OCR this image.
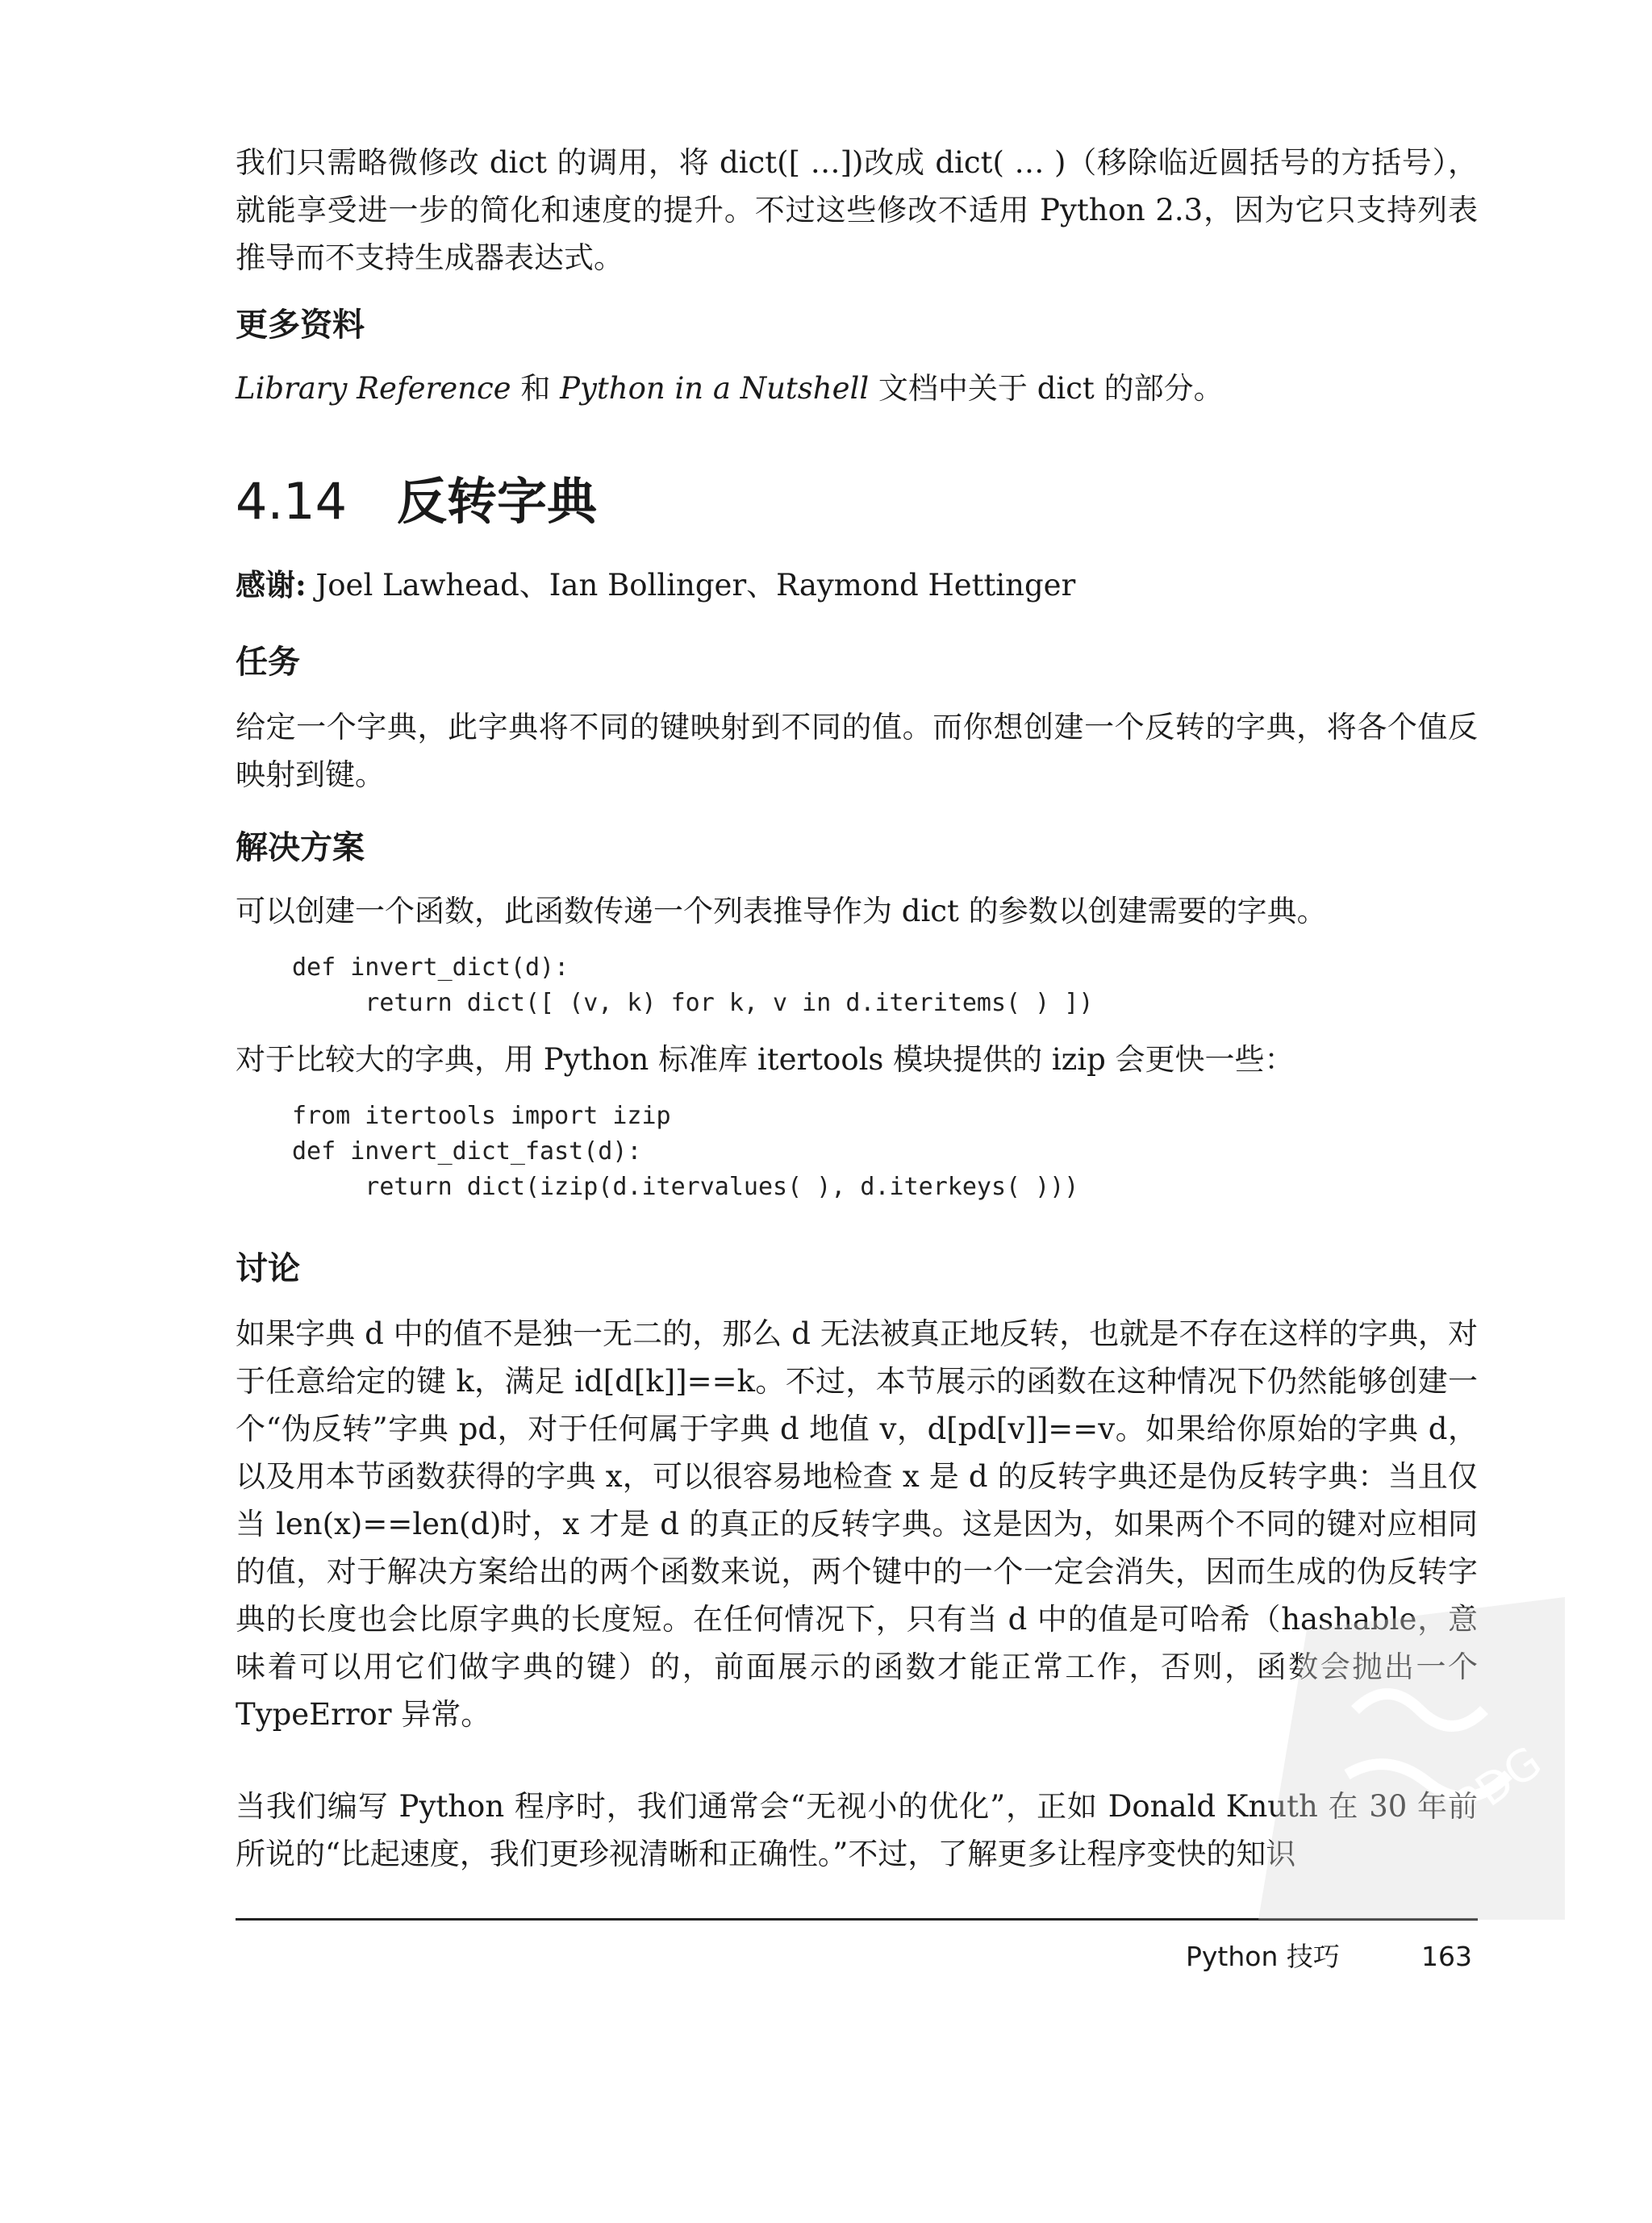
我们只需略微修改 dict 的调用，将 dict([ …])改成 dict( … )（移除临近圆括号的方括号），就能享受进一步的简化和速度的提升。不过这些修改不适用 Python 2.3，因为它只支持列表推导而不支持生成器表达式。

更多资料

Library Reference 和 Python in a Nutshell 文档中关于 dict 的部分。

4.14 反转字典

感谢: Joel Lawhead、Ian Bollinger、Raymond Hettinger

任务

给定一个字典，此字典将不同的键映射到不同的值。而你想创建一个反转的字典，将各个值反映射到键。

解决方案

可以创建一个函数，此函数传递一个列表推导作为 dict 的参数以创建需要的字典。

def invert_dict(d):
return dict([ (v, k) for k, v in d.iteritems( ) ])

对于比较大的字典，用 Python 标准库 itertools 模块提供的 izip 会更快一些：

from itertools import izip
def invert_dict_fast(d):
return dict(izip(d.itervalues( ), d.iterkeys( )))
讨论

如果字典 d 中的值不是独一无二的，那么 d 无法被真正地反转，也就是不存在这样的字典，对于任意给定的键 k，满足 id[d[k]]==k。不过，本节展示的函数在这种情况下仍然能够创建一个“伪反转”字典 pd，对于任何属于字典 d 地值 v，d[pd[v]]==v。如果给你原始的字典 d，以及用本节函数获得的字典 x，可以很容易地检查 x 是 d 的反转字典还是伪反转字典：当且仅当 len(x)==len(d)时，x 才是 d 的真正的反转字典。这是因为，如果两个不同的键对应相同的值，对于解决方案给出的两个函数来说，两个键中的一个一定会消失，因而生成的伪反转字典的长度也会比原字典的长度短。在任何情况下，只有当 d 中的值是可哈希（hashable，意味着可以用它们做字典的键）的，前面展示的函数才能正常工作，否则，函数会抛出一个 TypeError 异常。

当我们编写 Python 程序时，我们通常会“无视小的优化”，正如 Donald Knuth 在 30 年前所说的“比起速度，我们更珍视清晰和正确性。”不过，了解更多让程序变快的知识

Python 技巧	163
PDG
